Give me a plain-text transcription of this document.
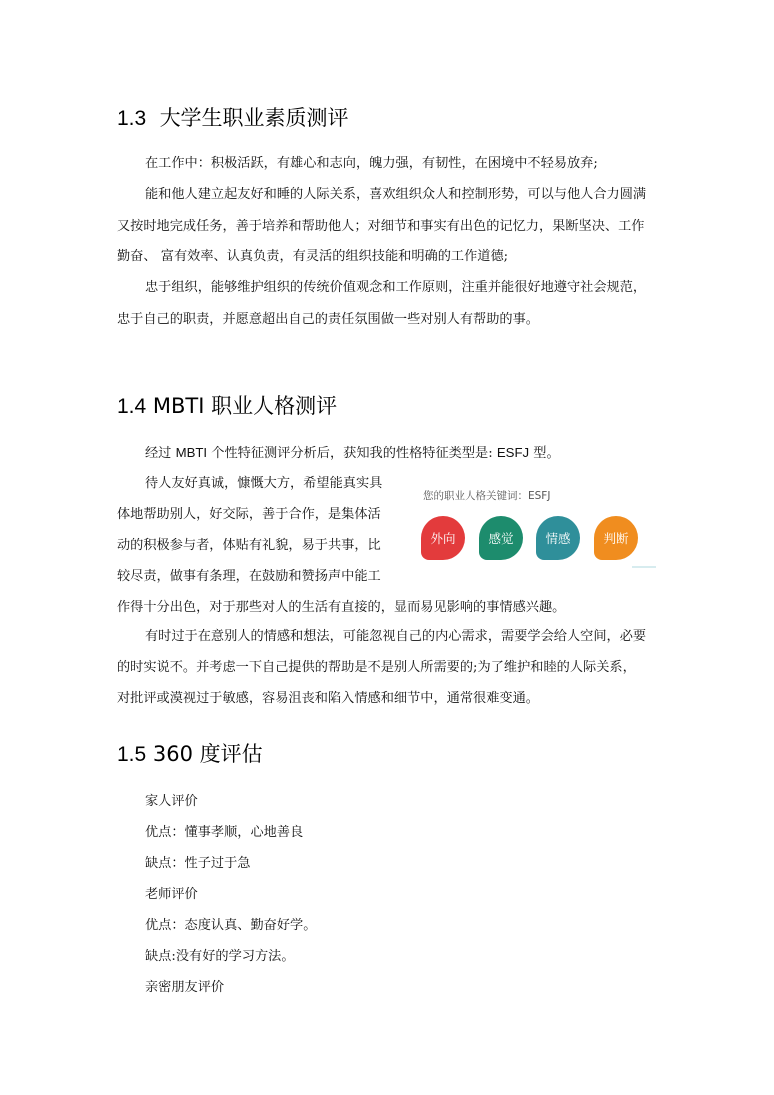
1.3 大学生职业素质测评

在工作中：积极活跃，有雄心和志向，魄力强，有韧性，在困境中不轻易放弃;

能和他人建立起友好和睡的人际关系，喜欢组织众人和控制形势，可以与他人合力圆满

又按时地完成任务，善于培养和帮助他人；对细节和事实有出色的记忆力，果断坚决、工作

勤奋、 富有效率、认真负责，有灵活的组织技能和明确的工作道德;

忠于组织，能够维护组织的传统价值观念和工作原则，注重并能很好地遵守社会规范，

忠于自己的职责，并愿意超出自己的责任氛围做一些对别人有帮助的事。

1.4 MBTI 职业人格测评

经过 MBTI 个性特征测评分析后，获知我的性格特征类型是: ESFJ 型。

待人友好真诚，慷慨大方，希望能真实具

体地帮助别人，好交际，善于合作，是集体活

动的积极参与者，体贴有礼貌，易于共事，比

较尽责，做事有条理，在鼓励和赞扬声中能工

作得十分出色，对于那些对人的生活有直接的，显而易见影响的事情感兴趣。

您的职业人格关键词：ESFJ
外向	感觉	情感	判断

有时过于在意别人的情感和想法，可能忽视自己的内心需求，需要学会给人空间，必要

的时实说不。并考虑一下自己提供的帮助是不是别人所需要的;为了维护和睦的人际关系，

对批评或漠视过于敏感，容易沮丧和陷入情感和细节中，通常很难变通。

1.5 360 度评估

家人评价

优点：懂事孝顺，心地善良

缺点：性子过于急

老师评价

优点：态度认真、勤奋好学。

缺点:没有好的学习方法。

亲密朋友评价
